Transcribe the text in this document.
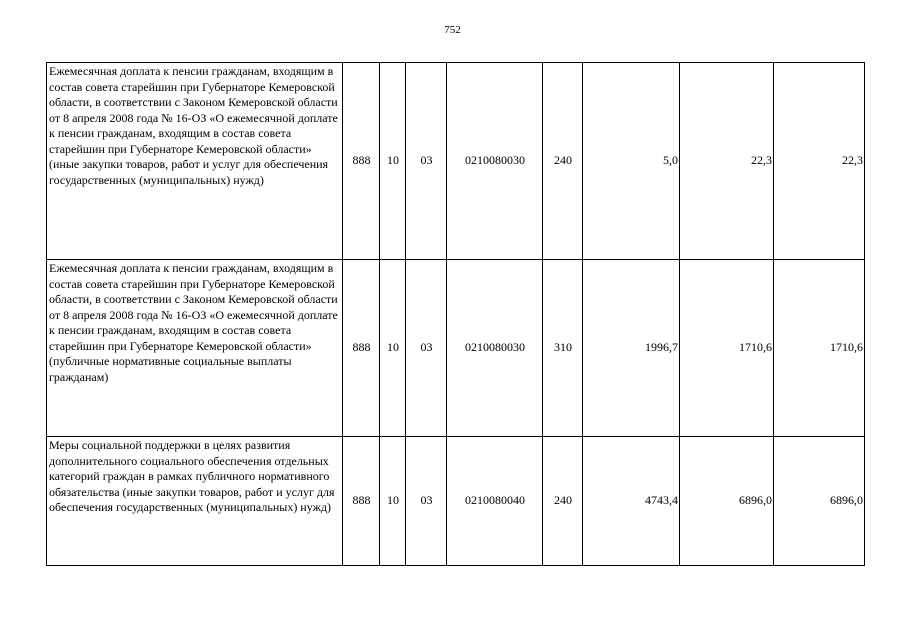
752
Ежемесячная доплата к пенсии гражданам, входящим в состав совета старейшин при Губернаторе Кемеровской области, в соответствии с Законом Кемеровской области от 8 апреля 2008 года № 16-ОЗ «О ежемесячной доплате к пенсии гражданам, входящим в состав совета старейшин при Губернаторе Кемеровской области» (иные закупки товаров, работ и услуг для обеспечения государственных (муниципальных) нужд)	888	10	03	0210080030	240	5,0	22,3	22,3
Ежемесячная доплата к пенсии гражданам, входящим в состав совета старейшин при Губернаторе Кемеровской области, в соответствии с Законом Кемеровской области от 8 апреля 2008 года № 16-ОЗ «О ежемесячной доплате к пенсии гражданам, входящим в состав совета старейшин при Губернаторе Кемеровской области» (публичные нормативные социальные выплаты гражданам)	888	10	03	0210080030	310	1996,7	1710,6	1710,6
Меры социальной поддержки в целях развития дополнительного социального обеспечения отдельных категорий граждан в рамках публичного нормативного обязательства (иные закупки товаров, работ и услуг для обеспечения государственных (муниципальных) нужд)	888	10	03	0210080040	240	4743,4	6896,0	6896,0
